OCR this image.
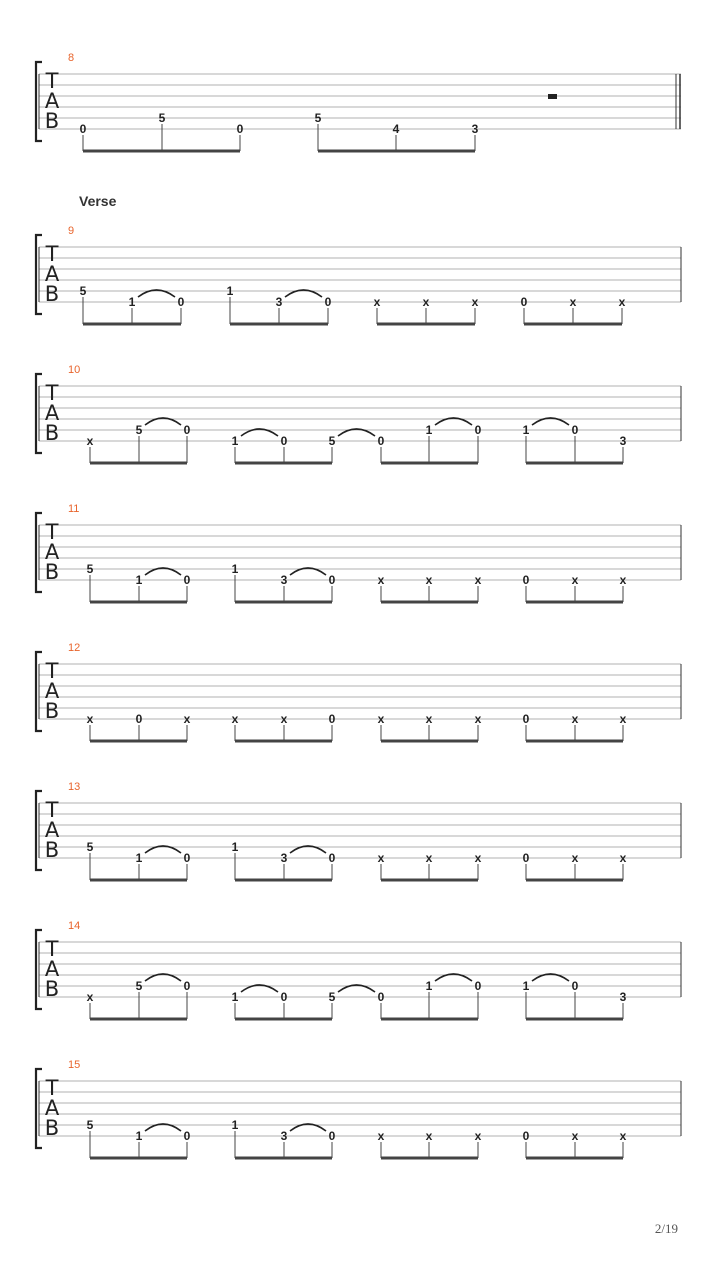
T
A
B
8
0
5
0
5
4	3
T
A
B
9
5
1	0
1
3	0	x	x	x	0	x	x
T
A
B
10
x
5	0
1	0	5	0
1	0	1	0
3
T
A
B
11
5
1	0
1
3	0	x	x	x	0	x	x
T
A
B
12
x	0	x	x	x	0	x	x	x	0	x	x
T
A
B
13
5
1	0
1
3	0	x	x	x	0	x	x
T
A
B
14
x
5	0
1	0	5	0
1	0	1	0
3
T
A
B
15
5
1	0
1
3	0	x	x	x	0	x	x
Verse
2/19
